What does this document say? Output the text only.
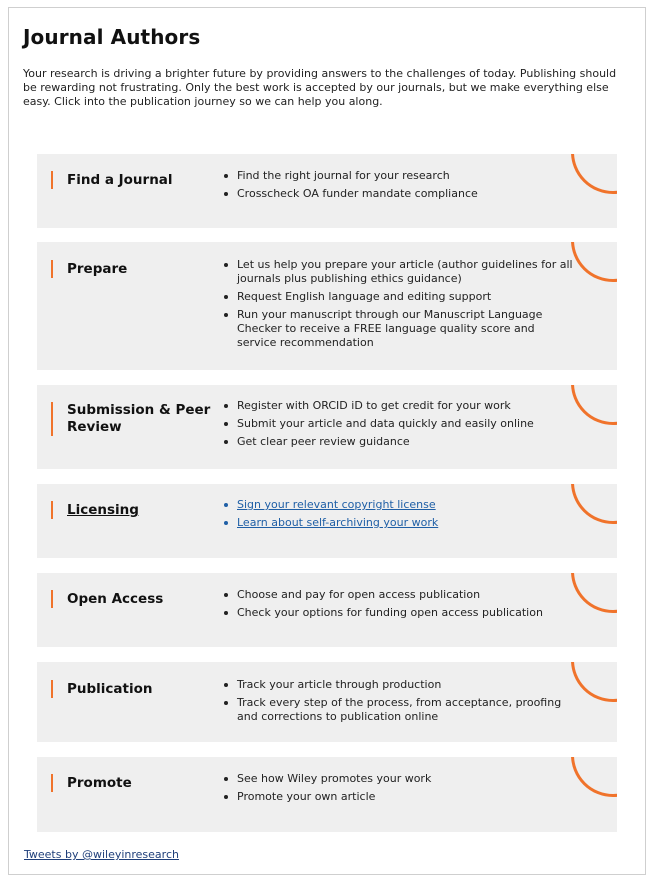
Journal Authors

Your research is driving a brighter future by providing answers to the challenges of today. Publishing should be rewarding not frustrating. Only the best work is accepted by our journals, but we make everything else easy. Click into the publication journey so we can help you along.

Find a Journal	Find the right journal for your research
Crosscheck OA funder mandate compliance
Prepare	Let us help you prepare your article (author guidelines for all journals plus publishing ethics guidance)
Request English language and editing support
Run your manuscript through our Manuscript Language Checker to receive a FREE language quality score and service recommendation
Submission & Peer Review
Register with ORCID iD to get credit for your work
Submit your article and data quickly and easily online
Get clear peer review guidance
Licensing	Sign your relevant copyright license
Learn about self-archiving your work
Open Access	Choose and pay for open access publication
Check your options for funding open access publication
Publication	Track your article through production
Track every step of the process, from acceptance, proofing and corrections to publication online
Promote	See how Wiley promotes your work
Promote your own article
Tweets by @wileyinresearch
